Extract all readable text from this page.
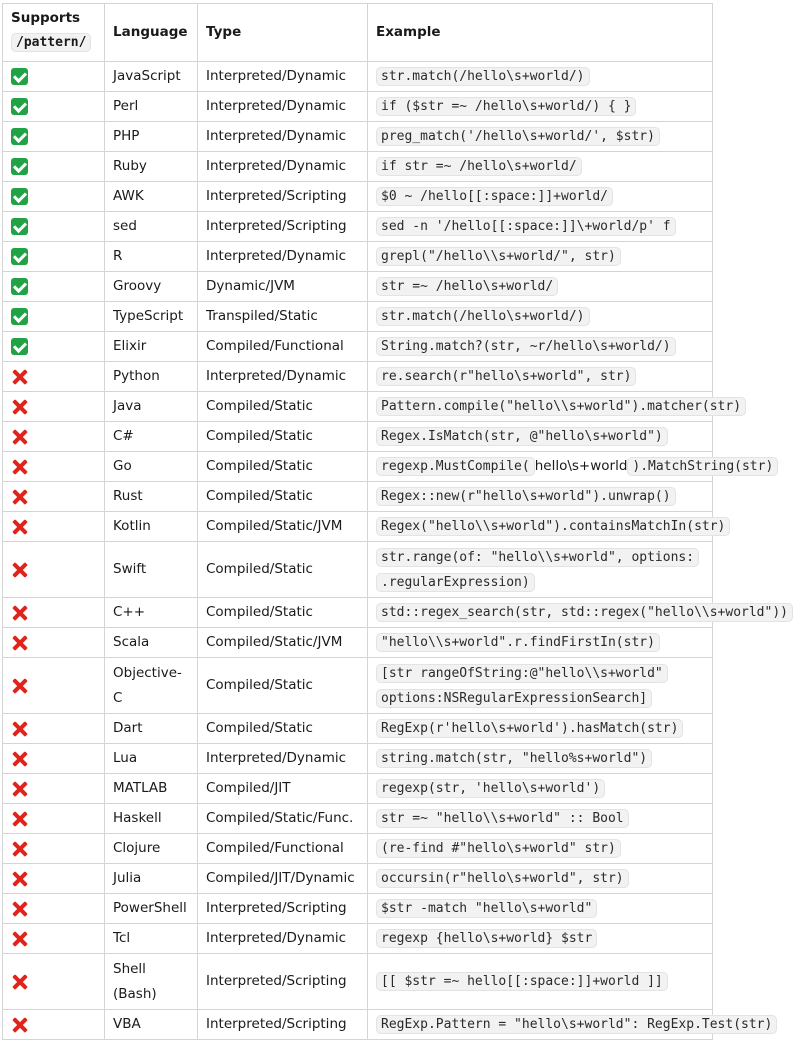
Supports
/pattern/	Language	Type	Example
	JavaScript	Interpreted/Dynamic	str.match(/hello\s+world/)
	Perl	Interpreted/Dynamic	if ($str =~ /hello\s+world/) { }
	PHP	Interpreted/Dynamic	preg_match('/hello\s+world/', $str)
	Ruby	Interpreted/Dynamic	if str =~ /hello\s+world/
	AWK	Interpreted/Scripting	$0 ~ /hello[[:space:]]+world/
	sed	Interpreted/Scripting	sed -n '/hello[[:space:]]\+world/p' f
	R	Interpreted/Dynamic	grepl("/hello\\s+world/", str)
	Groovy	Dynamic/JVM	str =~ /hello\s+world/
	TypeScript	Transpiled/Static	str.match(/hello\s+world/)
	Elixir	Compiled/Functional	String.match?(str, ~r/hello\s+world/)
	Python	Interpreted/Dynamic	re.search(r"hello\s+world", str)
	Java	Compiled/Static	Pattern.compile("hello\\s+world").matcher(str)
	C#	Compiled/Static	Regex.IsMatch(str, @"hello\s+world")
	Go	Compiled/Static	regexp.MustCompile( hello\s+world ).MatchString(str)
	Rust	Compiled/Static	Regex::new(r"hello\s+world").unwrap()
	Kotlin	Compiled/Static/JVM	Regex("hello\\s+world").containsMatchIn(str)
	Swift	Compiled/Static	str.range(of: "hello\\s+world", options:
.regularExpression)

	C++	Compiled/Static	std::regex_search(str, std::regex("hello\\s+world"))
	Scala	Compiled/Static/JVM	"hello\\s+world".r.findFirstIn(str)

	Objective-
C	Compiled/Static	[str rangeOfString:@"hello\\s+world"
options:NSRegularExpressionSearch]

	Dart	Compiled/Static	RegExp(r'hello\s+world').hasMatch(str)
	Lua	Interpreted/Dynamic	string.match(str, "hello%s+world")
	MATLAB	Compiled/JIT	regexp(str, 'hello\s+world')
	Haskell	Compiled/Static/Func.	str =~ "hello\\s+world" :: Bool
	Clojure	Compiled/Functional	(re-find #"hello\s+world" str)
	Julia	Compiled/JIT/Dynamic	occursin(r"hello\s+world", str)
	PowerShell	Interpreted/Scripting	$str -match "hello\s+world"
	Tcl	Interpreted/Dynamic	regexp {hello\s+world} $str

	Shell
(Bash)	Interpreted/Scripting	[[ $str =~ hello[[:space:]]+world ]]
	VBA	Interpreted/Scripting	RegExp.Pattern = "hello\s+world": RegExp.Test(str)
